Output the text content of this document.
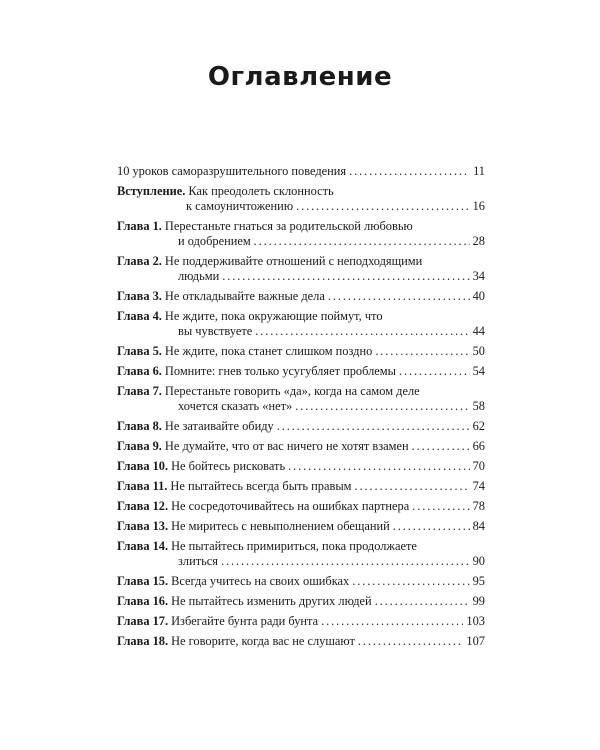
Оглавление
10 уроков саморазрушительного поведения . . .	11
Вступление. Как преодолеть склонность
к самоуничтожению . . .	16
Глава 1. Перестаньте гнаться за родительской любовью
и одобрением . . .	28
Глава 2. Не поддерживайте отношений с неподходящими
людьми . . .	34
Глава 3. Не откладывайте важные дела . . .	40
Глава 4. Не ждите, пока окружающие поймут, что
вы чувствуете . . .	44
Глава 5. Не ждите, пока станет слишком поздно . . .	50
Глава 6. Помните: гнев только усугубляет проблемы . . .	54
Глава 7. Перестаньте говорить «да», когда на самом деле
хочется сказать «нет» . . .	58
Глава 8. Не затаивайте обиду . . .	62
Глава 9. Не думайте, что от вас ничего не хотят взамен . . .	66
Глава 10. Не бойтесь рисковать . . .	70
Глава 11. Не пытайтесь всегда быть правым . . .	74
Глава 12. Не сосредоточивайтесь на ошибках партнера . . .	78
Глава 13. Не миритесь с невыполнением обещаний . . .	84
Глава 14. Не пытайтесь примириться, пока продолжаете
злиться . . .	90
Глава 15. Всегда учитесь на своих ошибках . . .	95
Глава 16. Не пытайтесь изменить других людей . . .	99
Глава 17. Избегайте бунта ради бунта . . .	103
Глава 18. Не говорите, когда вас не слушают . . .	107
